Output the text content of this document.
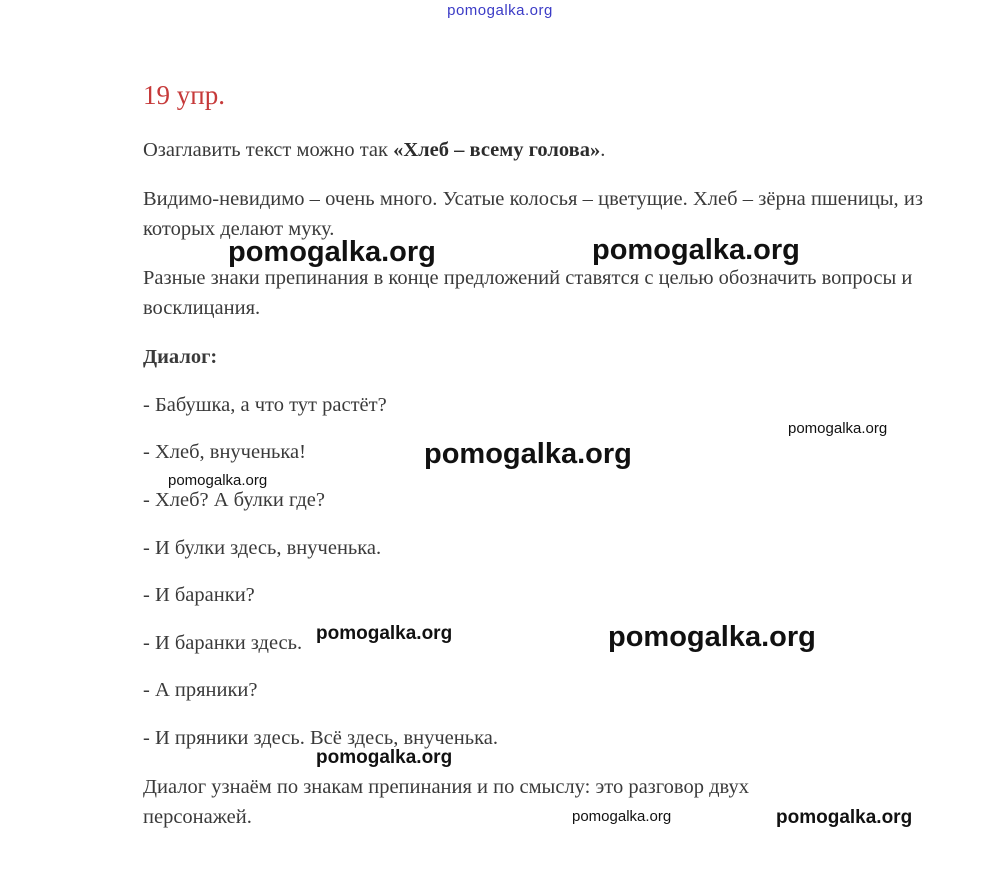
pomogalka.org
19 упр.

Озаглавить текст можно так «Хлеб – всему голова».

Видимо-невидимо – очень много. Усатые колосья – цветущие. Хлеб – зёрна пшеницы, из которых делают муку.

Разные знаки препинания в конце предложений ставятся с целью обозначить вопросы и восклицания.

Диалог:

- Бабушка, а что тут растёт?

- Хлеб, внученька!

- Хлеб? А булки где?

- И булки здесь, внученька.

- И баранки?

- И баранки здесь.

- А пряники?

- И пряники здесь. Всё здесь, внученька.

Диалог узнаём по знакам препинания и по смыслу: это разговор двух персонажей.

pomogalka.org	pomogalka.org
pomogalka.org
pomogalka.org
pomogalka.org
pomogalka.org	pomogalka.org
pomogalka.org
pomogalka.org	pomogalka.org
